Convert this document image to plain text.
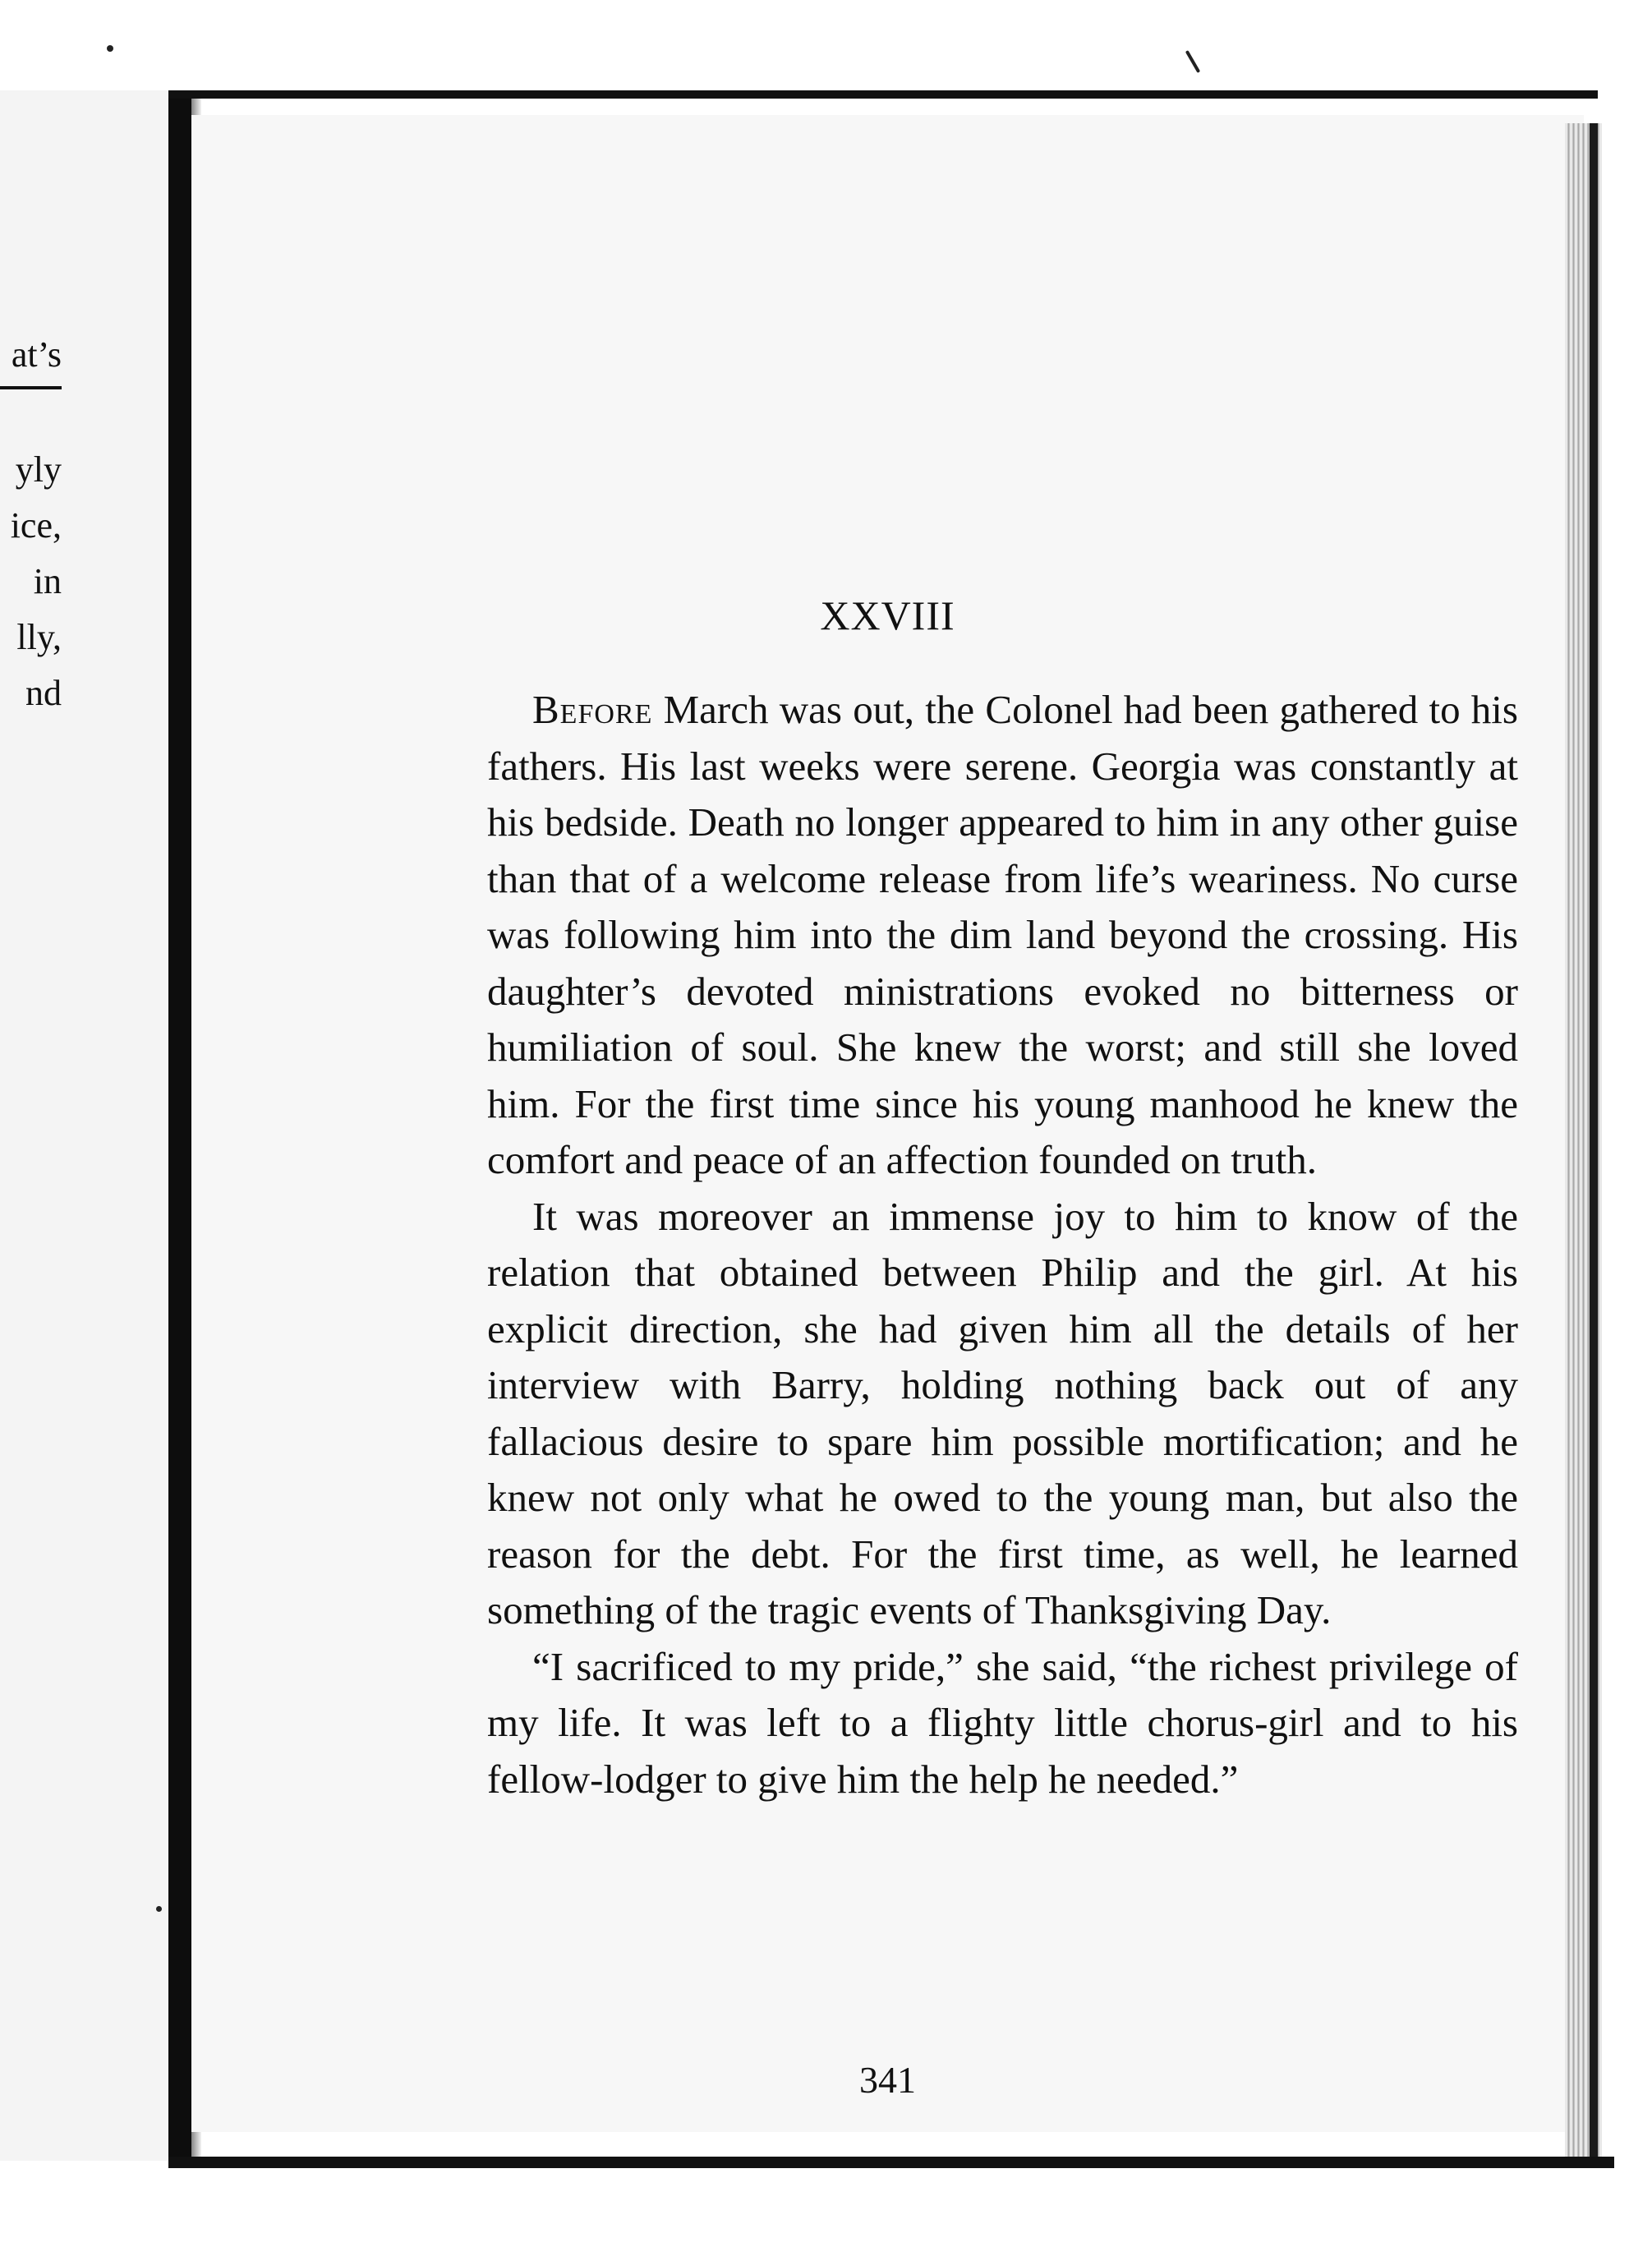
at’s
yly
ice,
in
lly,
nd
XXVIII

Before March was out, the Colonel had been gathered to his fathers. His last weeks were serene. Georgia was constantly at his bedside. Death no longer appeared to him in any other guise than that of a welcome release from life’s weariness. No curse was following him into the dim land beyond the crossing. His daughter’s devoted ministrations evoked no bitterness or humiliation of soul. She knew the worst; and still she loved him. For the first time since his young manhood he knew the comfort and peace of an affection founded on truth.

It was moreover an immense joy to him to know of the relation that obtained between Philip and the girl. At his explicit direction, she had given him all the details of her interview with Barry, holding nothing back out of any fallacious desire to spare him possible mortification; and he knew not only what he owed to the young man, but also the reason for the debt. For the first time, as well, he learned something of the tragic events of Thanksgiving Day.

“I sacrificed to my pride,” she said, “the richest privilege of my life. It was left to a flighty little chorus-girl and to his fellow-lodger to give him the help he needed.”

341
